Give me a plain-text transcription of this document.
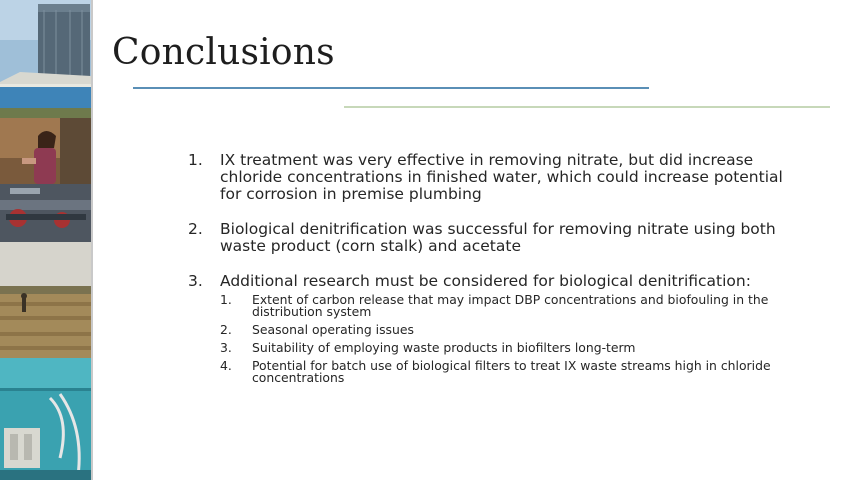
Conclusions
1.	IX treatment was very effective in removing nitrate, but did increase chloride concentrations in finished water, which could increase potential for corrosion in premise plumbing
2.	Biological denitrification was successful for removing nitrate using both waste product (corn stalk) and acetate
3.	Additional research must be considered for biological denitrification:
1.	Extent of carbon release that may impact DBP concentrations and biofouling in the distribution system
2.	Seasonal operating issues
3.	Suitability of employing waste products in biofilters long-term
4.	Potential for batch use of biological filters to treat IX waste streams high in chloride concentrations
